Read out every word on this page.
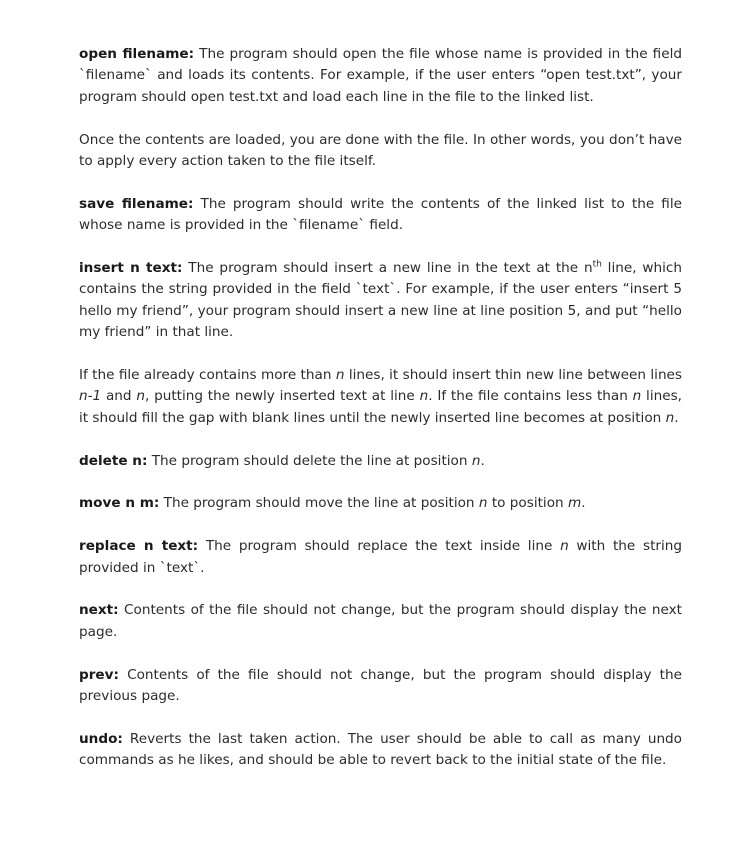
open filename: The program should open the file whose name is provided in the field `filename` and loads its contents. For example, if the user enters “open test.txt”, your program should open test.txt and load each line in the file to the linked list.

Once the contents are loaded, you are done with the file. In other words, you don’t have to apply every action taken to the file itself.

save filename: The program should write the contents of the linked list to the file whose name is provided in the `filename` field.

insert n text: The program should insert a new line in the text at the $n^{th}$ line, which contains the string provided in the field `text`. For example, if the user enters “insert 5 hello my friend”, your program should insert a new line at line position 5, and put “hello my friend” in that line.

If the file already contains more than n lines, it should insert thin new line between lines n-1 and n, putting the newly inserted text at line n. If the file contains less than n lines, it should fill the gap with blank lines until the newly inserted line becomes at position n.

delete n: The program should delete the line at position n.

move n m: The program should move the line at position n to position m.

replace n text: The program should replace the text inside line n with the string provided in `text`.

next: Contents of the file should not change, but the program should display the next page.

prev: Contents of the file should not change, but the program should display the previous page.

undo: Reverts the last taken action. The user should be able to call as many undo commands as he likes, and should be able to revert back to the initial state of the file.
